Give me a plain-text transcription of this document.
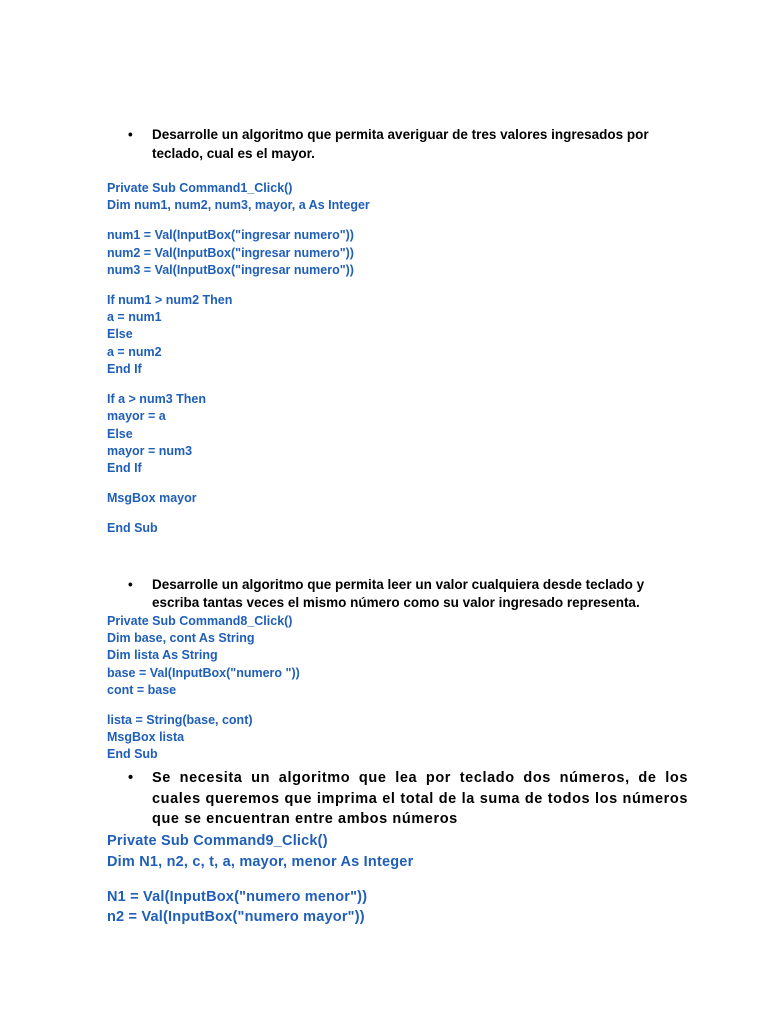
• Desarrolle un algoritmo que permita averiguar de tres valores ingresados por teclado, cual es el mayor.
Private Sub Command1_Click()
Dim num1, num2, num3, mayor, a As Integer
num1 = Val(InputBox("ingresar numero"))
num2 = Val(InputBox("ingresar numero"))
num3 = Val(InputBox("ingresar numero"))
If num1 > num2 Then
a = num1
Else
a = num2
End If
If a > num3 Then
mayor = a
Else
mayor = num3
End If
MsgBox mayor
End Sub
• Desarrolle un algoritmo que permita leer un valor cualquiera desde teclado y escriba tantas veces el mismo número como su valor ingresado representa.
Private Sub Command8_Click()
Dim base, cont As String
Dim lista As String
base = Val(InputBox("numero "))
cont = base
lista = String(base, cont)
MsgBox lista
End Sub
• Se necesita un algoritmo que lea por teclado dos números, de los cuales queremos que imprima el total de la suma de todos los números que se encuentran entre ambos números
Private Sub Command9_Click()
Dim N1, n2, c, t, a, mayor, menor As Integer
N1 = Val(InputBox("numero menor"))
n2 = Val(InputBox("numero mayor"))
